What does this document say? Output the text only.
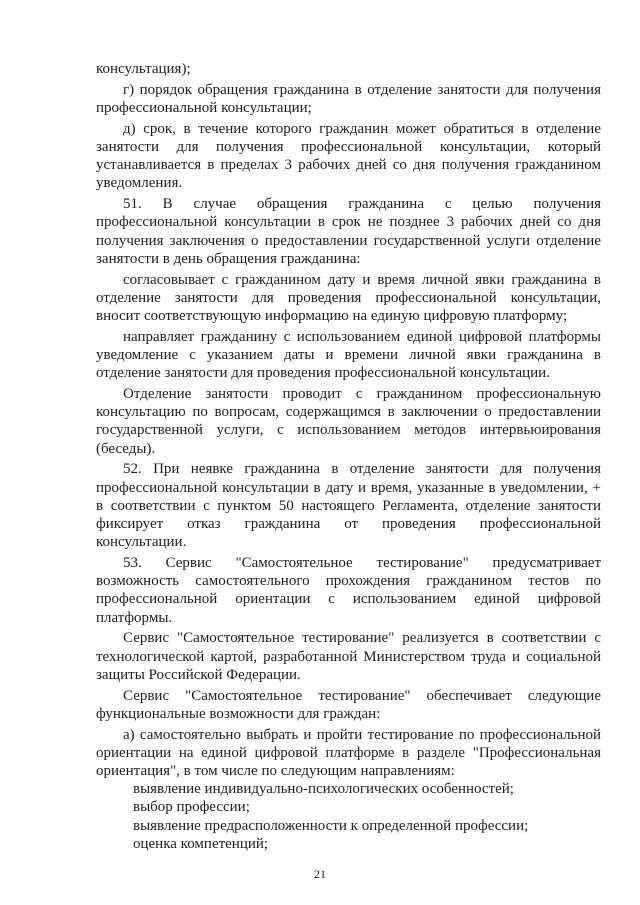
консультация);
г) порядок обращения гражданина в отделение занятости для получения
профессиональной консультации;
д) срок, в течение которого гражданин может обратиться в отделение
занятости для получения профессиональной консультации, который
устанавливается в пределах 3 рабочих дней со дня получения гражданином
уведомления.
51. В случае обращения гражданина с целью получения
профессиональной консультации в срок не позднее 3 рабочих дней со дня
получения заключения о предоставлении государственной услуги отделение
занятости в день обращения гражданина:
согласовывает с гражданином дату и время личной явки гражданина в
отделение занятости для проведения профессиональной консультации,
вносит соответствующую информацию на единую цифровую платформу;
направляет гражданину с использованием единой цифровой платформы
уведомление с указанием даты и времени личной явки гражданина в
отделение занятости для проведения профессиональной консультации.
Отделение занятости проводит с гражданином профессиональную
консультацию по вопросам, содержащимся в заключении о предоставлении
государственной услуги, с использованием методов интервьюирования
(беседы).
52. При неявке гражданина в отделение занятости для получения
профессиональной консультации в дату и время, указанные в уведомлении, +
в соответствии с пунктом 50 настоящего Регламента, отделение занятости
фиксирует отказ гражданина от проведения профессиональной
консультации.
53. Сервис "Самостоятельное тестирование" предусматривает
возможность самостоятельного прохождения гражданином тестов по
профессиональной ориентации с использованием единой цифровой
платформы.
Сервис "Самостоятельное тестирование" реализуется в соответствии с
технологической картой, разработанной Министерством труда и социальной
защиты Российской Федерации.
Сервис "Самостоятельное тестирование" обеспечивает следующие
функциональные возможности для граждан:
а) самостоятельно выбрать и пройти тестирование по профессиональной
ориентации на единой цифровой платформе в разделе "Профессиональная
ориентация", в том числе по следующим направлениям:
выявление индивидуально-психологических особенностей;
выбор профессии;
выявление предрасположенности к определенной профессии;
оценка компетенций;
21
